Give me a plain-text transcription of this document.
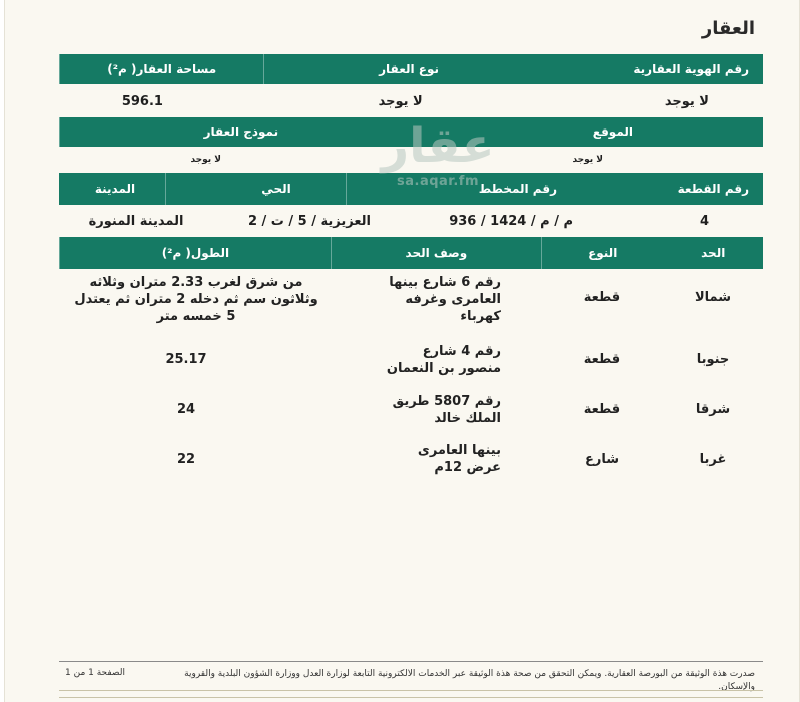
العقار
رقم الهوية العقارية
نوع العقار
مساحة العقار( م²)
لا يوجد
لا يوجد
596.1
الموقع
نموذج العقار
لا يوجد
لا يوجد
رقم القطعة
رقم المخطط
الحي
المدينة
4
م / م / 1424 / 936
العزيزية / 5 / ت / 2
المدينة المنورة
الحد
النوع
وصف الحد
الطول( م²)
شمالا
قطعة
رقم 6 شارع بينها العامرى وغرفه كهرباء
من شرق لغرب 2.33 متران وثلاثه وثلاثون سم ثم دخله 2 متران ثم يعتدل 5 خمسه متر
جنوبا
قطعة
رقم 4 شارع منصور بن النعمان
25.17
شرقا
قطعة
رقم 5807 طريق الملك خالد
24
غربا
شارع
بينها العامرى عرض 12م
22
عقار
sa.aqar.fm
صدرت هذة الوثيقة من البورصة العقارية. ويمكن التحقق من صحة هذة الوثيقة عبر الخدمات الالكترونية التابعة لوزارة العدل ووزارة الشؤون البلدية والقروية والإسكان.
الصفحة 1 من 1
